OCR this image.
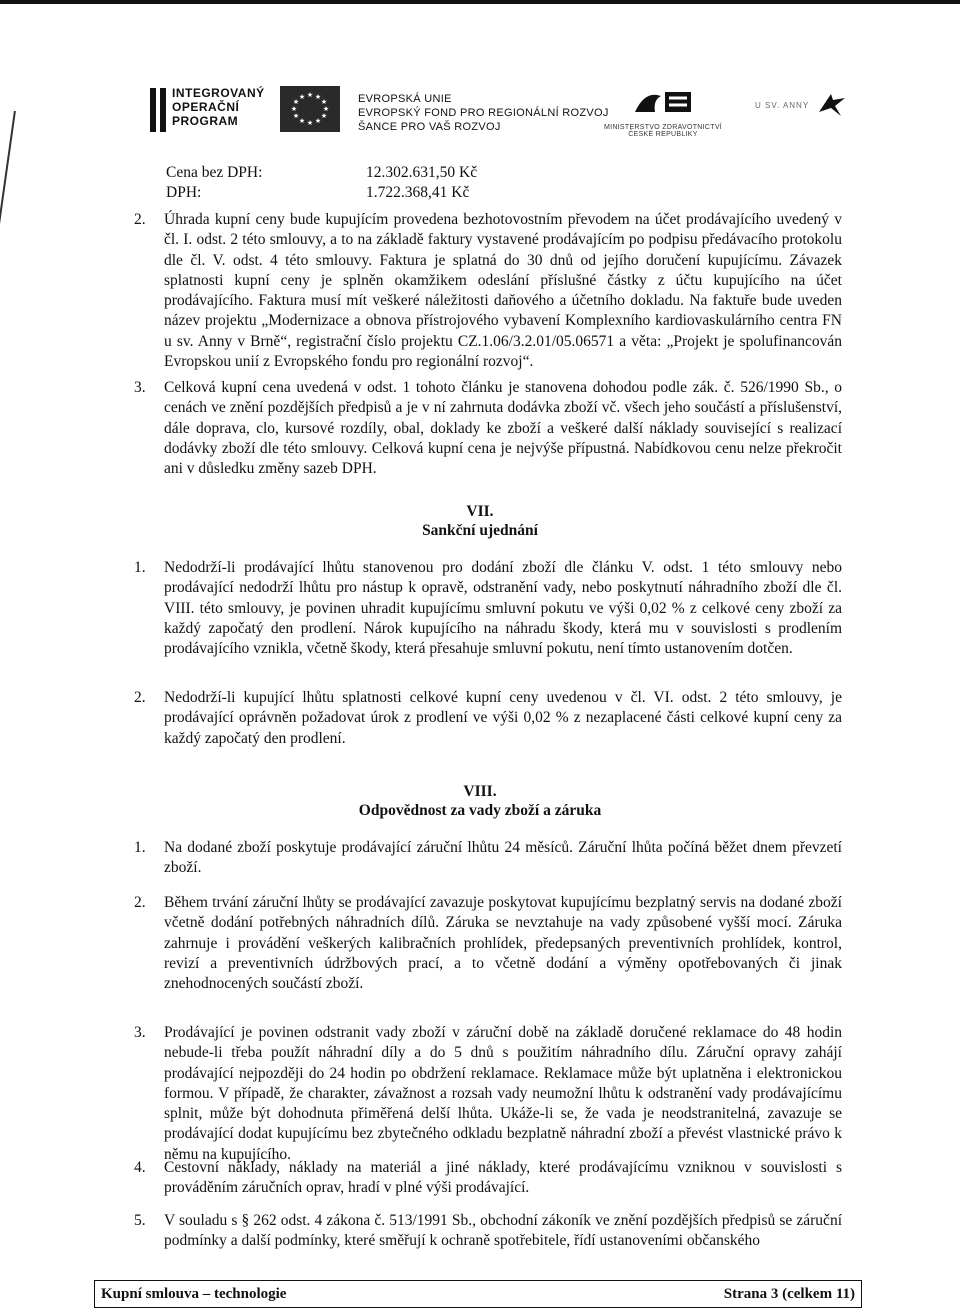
INTEGROVANÝ
OPERAČNÍ
PROGRAM
★ ★
★
★
★
★
★
★
★
★
★
★	EVROPSKÁ UNIE
EVROPSKÝ FOND PRO REGIONÁLNÍ ROZVOJ
ŠANCE PRO VAŠ ROZVOJ	MINISTERSTVO ZDRAVOTNICTVÍ
ČESKÉ REPUBLIKY
U SV. ANNY
Cena bez DPH:	12.302.631,50 Kč
DPH:	1.722.368,41 Kč
2. Úhrada kupní ceny bude kupujícím provedena bezhotovostním převodem na účet prodávajícího uvedený v čl. I. odst. 2 této smlouvy, a to na základě faktury vystavené prodávajícím po podpisu předávacího protokolu dle čl. V. odst. 4 této smlouvy. Faktura je splatná do 30 dnů od jejího doručení kupujícímu. Závazek splatnosti kupní ceny je splněn okamžikem odeslání příslušné částky z účtu kupujícího na účet prodávajícího. Faktura musí mít veškeré náležitosti daňového a účetního dokladu. Na faktuře bude uveden název projektu „Modernizace a obnova přístrojového vybavení Komplexního kardiovaskulárního centra FN u sv. Anny v Brně“, registrační číslo projektu CZ.1.06/3.2.01/05.06571 a věta: „Projekt je spolufinancován Evropskou unií z Evropského fondu pro regionální rozvoj“.
3. Celková kupní cena uvedená v odst. 1 tohoto článku je stanovena dohodou podle zák. č. 526/1990 Sb., o cenách ve znění pozdějších předpisů a je v ní zahrnuta dodávka zboží vč. všech jeho součástí a příslušenství, dále doprava, clo, kursové rozdíly, obal, doklady ke zboží a veškeré další náklady související s realizací dodávky zboží dle této smlouvy. Celková kupní cena je nejvýše přípustná. Nabídkovou cenu nelze překročit ani v důsledku změny sazeb DPH.
VII.
Sankční ujednání
1. Nedodrží-li prodávající lhůtu stanovenou pro dodání zboží dle článku V. odst. 1 této smlouvy nebo prodávající nedodrží lhůtu pro nástup k opravě, odstranění vady, nebo poskytnutí náhradního zboží dle čl. VIII. této smlouvy, je povinen uhradit kupujícímu smluvní pokutu ve výši 0,02 % z celkové ceny zboží za každý započatý den prodlení. Nárok kupujícího na náhradu škody, která mu v souvislosti s prodlením prodávajícího vznikla, včetně škody, která přesahuje smluvní pokutu, není tímto ustanovením dotčen.
2. Nedodrží-li kupující lhůtu splatnosti celkové kupní ceny uvedenou v čl. VI. odst. 2 této smlouvy, je prodávající oprávněn požadovat úrok z prodlení ve výši 0,02 % z nezaplacené části celkové kupní ceny za každý započatý den prodlení.
VIII.
Odpovědnost za vady zboží a záruka
1. Na dodané zboží poskytuje prodávající záruční lhůtu 24 měsíců. Záruční lhůta počíná běžet dnem převzetí zboží.
2. Během trvání záruční lhůty se prodávající zavazuje poskytovat kupujícímu bezplatný servis na dodané zboží včetně dodání potřebných náhradních dílů. Záruka se nevztahuje na vady způsobené vyšší mocí. Záruka zahrnuje i provádění veškerých kalibračních prohlídek, předepsaných preventivních prohlídek, kontrol, revizí a preventivních údržbových prací, a to včetně dodání a výměny opotřebovaných či jinak znehodnocených součástí zboží.
3. Prodávající je povinen odstranit vady zboží v záruční době na základě doručené reklamace do 48 hodin nebude-li třeba použít náhradní díly a do 5 dnů s použitím náhradního dílu. Záruční opravy zahájí prodávající nejpozději do 24 hodin po obdržení reklamace. Reklamace může být uplatněna i elektronickou formou. V případě, že charakter, závažnost a rozsah vady neumožní lhůtu k odstranění vady prodávajícímu splnit, může být dohodnuta přiměřená delší lhůta. Ukáže-li se, že vada je neodstranitelná, zavazuje se prodávající dodat kupujícímu bez zbytečného odkladu bezplatně náhradní zboží a převést vlastnické právo k němu na kupujícího.
4. Cestovní náklady, náklady na materiál a jiné náklady, které prodávajícímu vzniknou v souvislosti s prováděním záručních oprav, hradí v plné výši prodávající.
5. V souladu s § 262 odst. 4 zákona č. 513/1991 Sb., obchodní zákoník ve znění pozdějších předpisů se záruční podmínky a další podmínky, které směřují k ochraně spotřebitele, řídí ustanoveními občanského
Kupní smlouva – technologie	Strana 3 (celkem 11)
